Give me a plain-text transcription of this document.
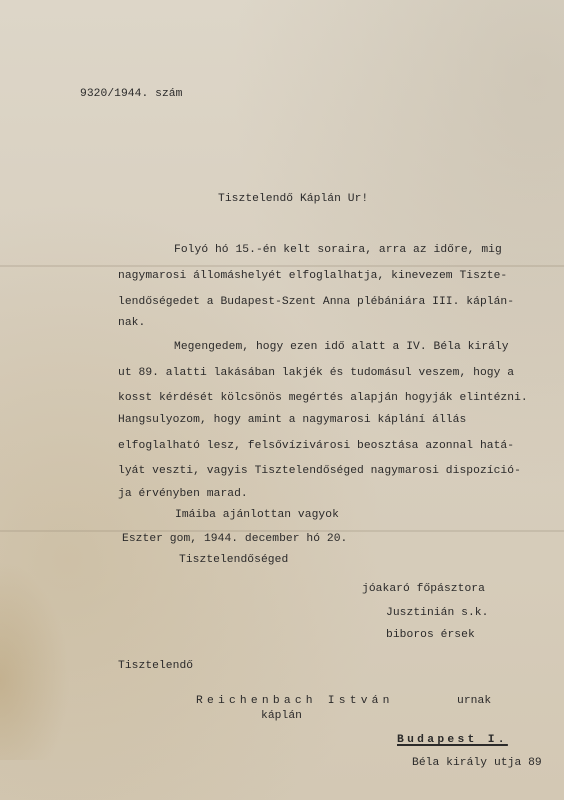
9320/1944. szám
Tisztelendő Káplán Ur!
Folyó hó 15.-én kelt soraira, arra az időre, mig
nagymarosi állomáshelyét elfoglalhatja, kinevezem Tiszte-
lendőségedet a Budapest-Szent Anna plébániára III. káplán-
nak.
Megengedem, hogy ezen idő alatt a IV. Béla király
ut 89. alatti lakásában lakjék és tudomásul veszem, hogy a
kosst kérdését kölcsönös megértés alapján hogyják elintézni.
Hangsulyozom, hogy amint a nagymarosi káplání állás
elfoglalható lesz, felsővízivárosi beosztása azonnal hatá-
lyát veszti, vagyis Tisztelendőséged nagymarosi dispozíció-
ja érvényben marad.
Imáiba ajánlottan vagyok
Eszter gom, 1944. december hó 20.
Tisztelendőséged
jóakaró főpásztora
Jusztinián s.k.
biboros érsek
Tisztelendő
Reichenbach István	urnak
káplán
Budapest I.
Béla király utja 89
